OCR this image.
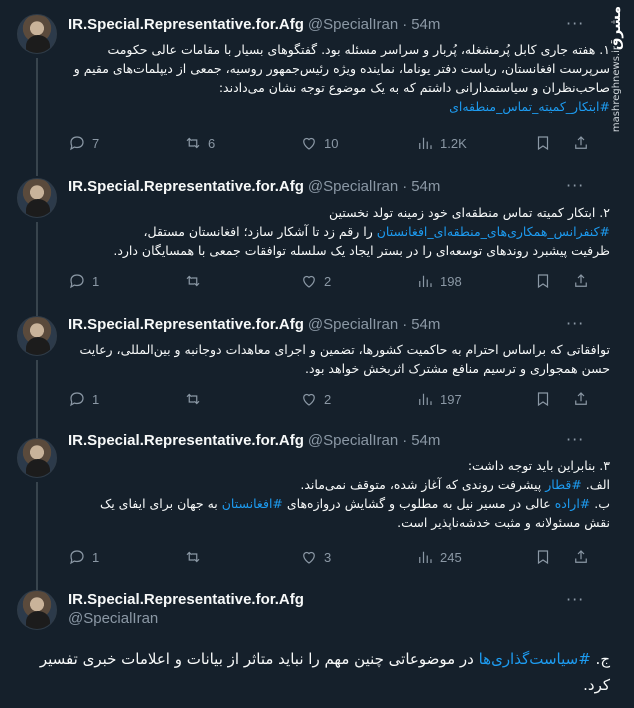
مشرق
mashreghnews.ir
IR.Special.Representative.for.Afg @SpecialIran · 54m
۱. هفته جاری کابل پُرمشغله، پُربار و سراسر مسئله بود. گفتگوهای بسیار با مقامات عالی حکومت
سرپرست افغانستان، ریاست دفتر یوناما، نماینده ویژه رئیس‌جمهور روسیه، جمعی از دیپلمات‌های مقیم و
صاحب‌نظران و سیاستمدارانی داشتم که به یک موضوع توجه نشان می‌دادند:
#ابتکار_کمیته_تماس_منطقه‌ای
7	6	10	1.2K
IR.Special.Representative.for.Afg @SpecialIran · 54m	···
۲. ابتکار کمیته تماس منطقه‌ای خود زمینه تولد نخستین
#کنفرانس_همکاری‌های_منطقه‌ای_افغانستان را رقم زد تا آشکار سازد؛ افغانستان مستقل،
ظرفیت پیشبرد روندهای توسعه‌ای را در بستر ایجاد یک سلسله توافقات جمعی با همسایگان دارد.
1	2	198
IR.Special.Representative.for.Afg @SpecialIran · 54m	···
توافقاتی که براساس احترام به حاکمیت کشورها، تضمین و اجرای معاهدات دوجانبه و بین‌المللی، رعایت
حسن همجواری و ترسیم منافع مشترک اثربخش خواهد بود.
1	2	197
IR.Special.Representative.for.Afg @SpecialIran · 54m	···
۳. بنابراین باید توجه داشت:
الف. #قطار پیشرفت روندی که آغاز شده، متوقف نمی‌ماند.
ب. #اراده عالی در مسیر نیل به مطلوب و گشایش دروازه‌های #افغانستان به جهان برای ایفای یک
نقش مسئولانه و مثبت خدشه‌ناپذیر است.
1	3	245
IR.Special.Representative.for.Afg
@SpecialIran
···
ج. #سیاست‌گذاری‌ها در موضوعاتی چنین مهم را نباید متاثر از بیانات و اعلامات خبری تفسیر
کرد.
···
